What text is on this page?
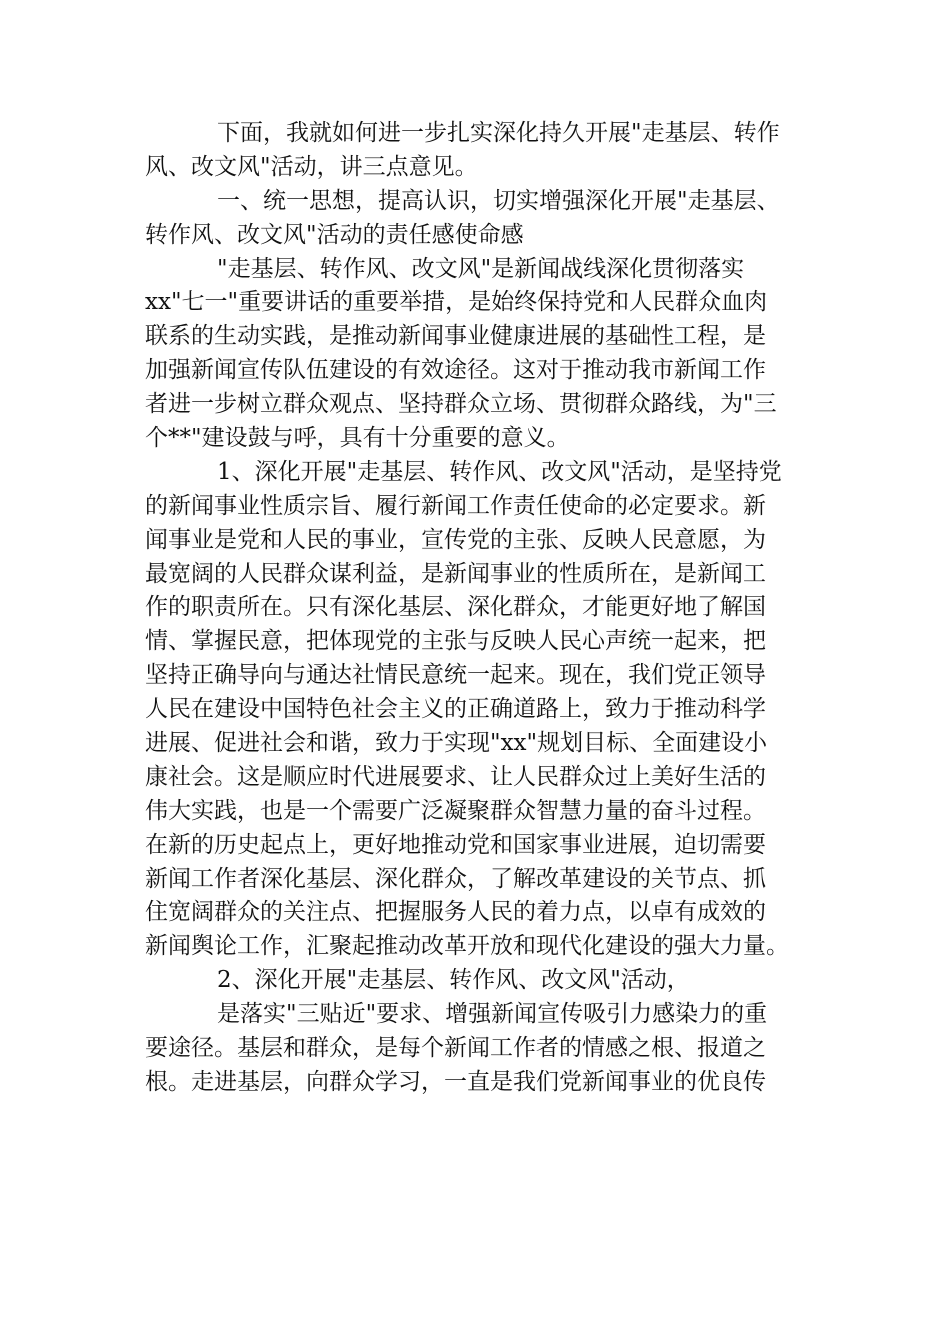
下面，我就如何进一步扎实深化持久开展"走基层、转作
风、改文风"活动，讲三点意见。
一、统一思想，提高认识，切实增强深化开展"走基层、
转作风、改文风"活动的责任感使命感
"走基层、转作风、改文风"是新闻战线深化贯彻落实
xx"七一"重要讲话的重要举措，是始终保持党和人民群众血肉
联系的生动实践，是推动新闻事业健康进展的基础性工程，是
加强新闻宣传队伍建设的有效途径。这对于推动我市新闻工作
者进一步树立群众观点、坚持群众立场、贯彻群众路线，为"三
个**"建设鼓与呼，具有十分重要的意义。
1、深化开展"走基层、转作风、改文风"活动，是坚持党
的新闻事业性质宗旨、履行新闻工作责任使命的必定要求。新
闻事业是党和人民的事业，宣传党的主张、反映人民意愿，为
最宽阔的人民群众谋利益，是新闻事业的性质所在，是新闻工
作的职责所在。只有深化基层、深化群众，才能更好地了解国
情、掌握民意，把体现党的主张与反映人民心声统一起来，把
坚持正确导向与通达社情民意统一起来。现在，我们党正领导
人民在建设中国特色社会主义的正确道路上，致力于推动科学
进展、促进社会和谐，致力于实现"xx"规划目标、全面建设小
康社会。这是顺应时代进展要求、让人民群众过上美好生活的
伟大实践，也是一个需要广泛凝聚群众智慧力量的奋斗过程。
在新的历史起点上，更好地推动党和国家事业进展，迫切需要
新闻工作者深化基层、深化群众，了解改革建设的关节点、抓
住宽阔群众的关注点、把握服务人民的着力点，以卓有成效的
新闻舆论工作，汇聚起推动改革开放和现代化建设的强大力量。
2、深化开展"走基层、转作风、改文风"活动，
是落实"三贴近"要求、增强新闻宣传吸引力感染力的重
要途径。基层和群众，是每个新闻工作者的情感之根、报道之
根。走进基层，向群众学习，一直是我们党新闻事业的优良传
